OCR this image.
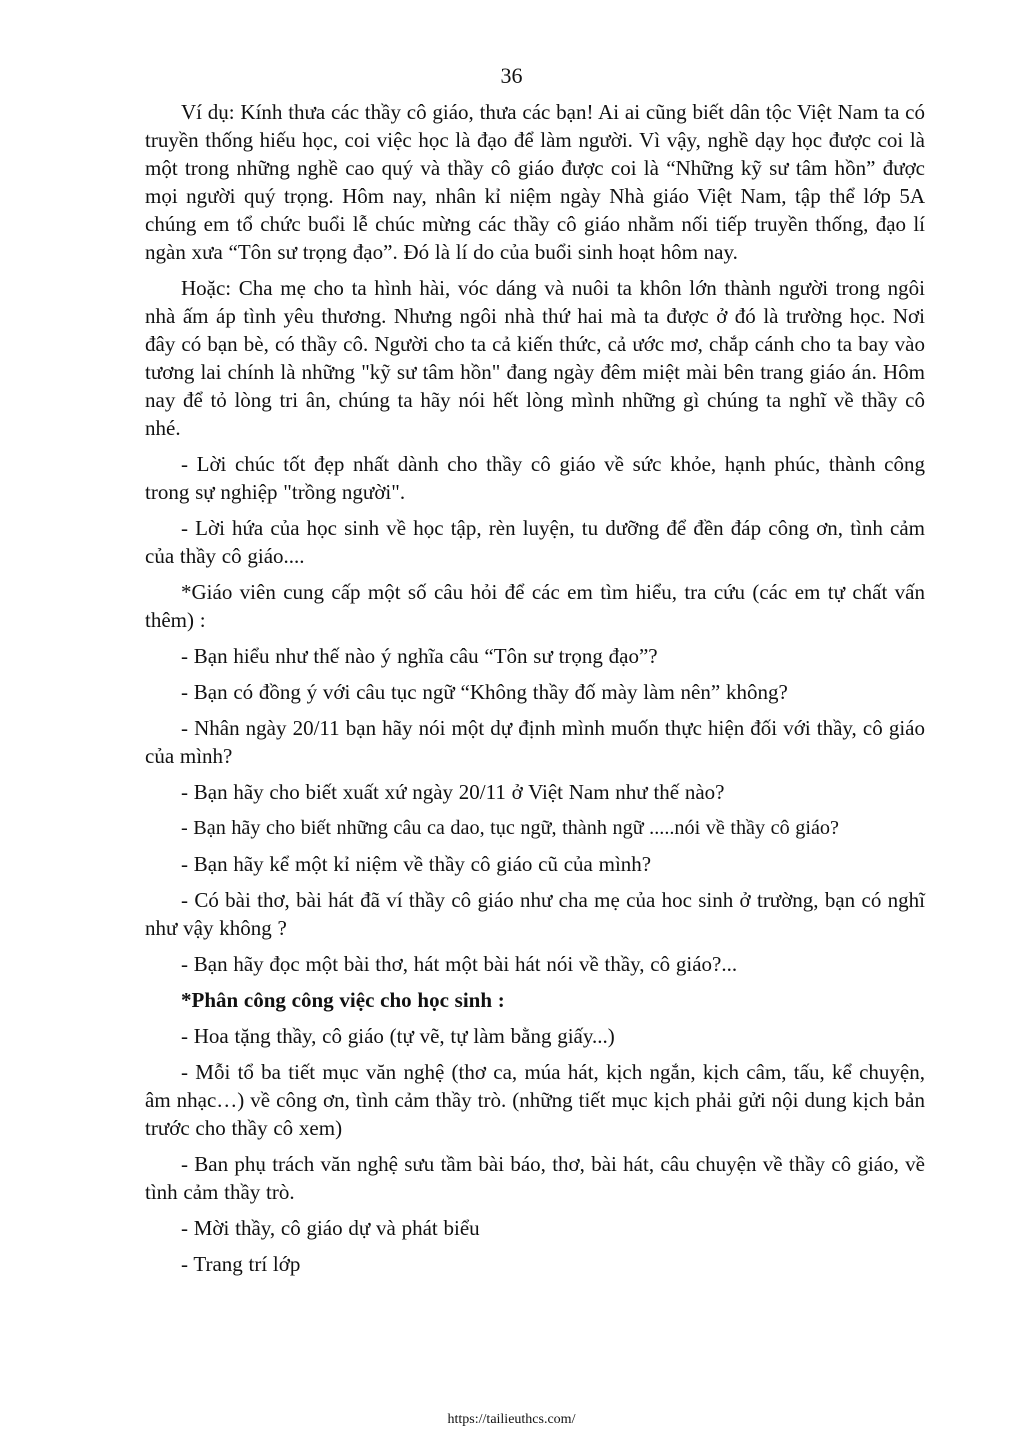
36

Ví dụ: Kính thưa các thầy cô giáo, thưa các bạn! Ai ai cũng biết dân tộc Việt Nam ta có truyền thống hiếu học, coi việc học là đạo để làm người. Vì vậy, nghề dạy học được coi là một trong những nghề cao quý và thầy cô giáo được coi là “Những kỹ sư tâm hồn” được mọi người quý trọng. Hôm nay, nhân kỉ niệm ngày Nhà giáo Việt Nam, tập thể lớp 5A chúng em tổ chức buổi lễ chúc mừng các thầy cô giáo nhằm nối tiếp truyền thống, đạo lí ngàn xưa “Tôn sư trọng đạo”. Đó là lí do của buổi sinh hoạt hôm nay.

Hoặc: Cha mẹ cho ta hình hài, vóc dáng và nuôi ta khôn lớn thành người trong ngôi nhà ấm áp tình yêu thương. Nhưng ngôi nhà thứ hai mà ta được ở đó là trường học. Nơi đây có bạn bè, có thầy cô. Người cho ta cả kiến thức, cả ước mơ, chắp cánh cho ta bay vào tương lai chính là những "kỹ sư tâm hồn" đang ngày đêm miệt mài bên trang giáo án. Hôm nay để tỏ lòng tri ân, chúng ta hãy nói hết lòng mình những gì chúng ta nghĩ về thầy cô nhé.

- Lời chúc tốt đẹp nhất dành cho thầy cô giáo về sức khỏe, hạnh phúc, thành công trong sự nghiệp "trồng người".

- Lời hứa của học sinh về học tập, rèn luyện, tu dưỡng để đền đáp công ơn, tình cảm của thầy cô giáo....

*Giáo viên cung cấp một số câu hỏi để các em tìm hiểu, tra cứu (các em tự chất vấn thêm) :

- Bạn hiểu như thế nào ý nghĩa câu “Tôn sư trọng đạo”?

- Bạn có đồng ý với câu tục ngữ “Không thầy đố mày làm nên” không?

- Nhân ngày 20/11 bạn hãy nói một dự định mình muốn thực hiện đối với thầy, cô giáo của mình?

- Bạn hãy cho biết xuất xứ ngày 20/11 ở Việt Nam như thế nào?

- Bạn hãy cho biết những câu ca dao, tục ngữ, thành ngữ .....nói về thầy cô giáo?

- Bạn hãy kể một kỉ niệm về thầy cô giáo cũ của mình?

- Có bài thơ, bài hát đã ví thầy cô giáo như cha mẹ của hoc sinh ở trường, bạn có nghĩ như vậy không ?

- Bạn hãy đọc một bài thơ, hát một bài hát nói về thầy, cô giáo?...

*Phân công công việc cho học sinh :

- Hoa tặng thầy, cô giáo (tự vẽ, tự làm bằng giấy...)

- Mỗi tổ ba tiết mục văn nghệ (thơ ca, múa hát, kịch ngắn, kịch câm, tấu, kể chuyện, âm nhạc…) về công ơn, tình cảm thầy trò. (những tiết mục kịch phải gửi nội dung kịch bản trước cho thầy cô xem)

- Ban phụ trách văn nghệ sưu tầm bài báo, thơ, bài hát, câu chuyện về thầy cô giáo, về tình cảm thầy trò.

- Mời thầy, cô giáo dự và phát biểu

- Trang trí lớp

https://tailieuthcs.com/
